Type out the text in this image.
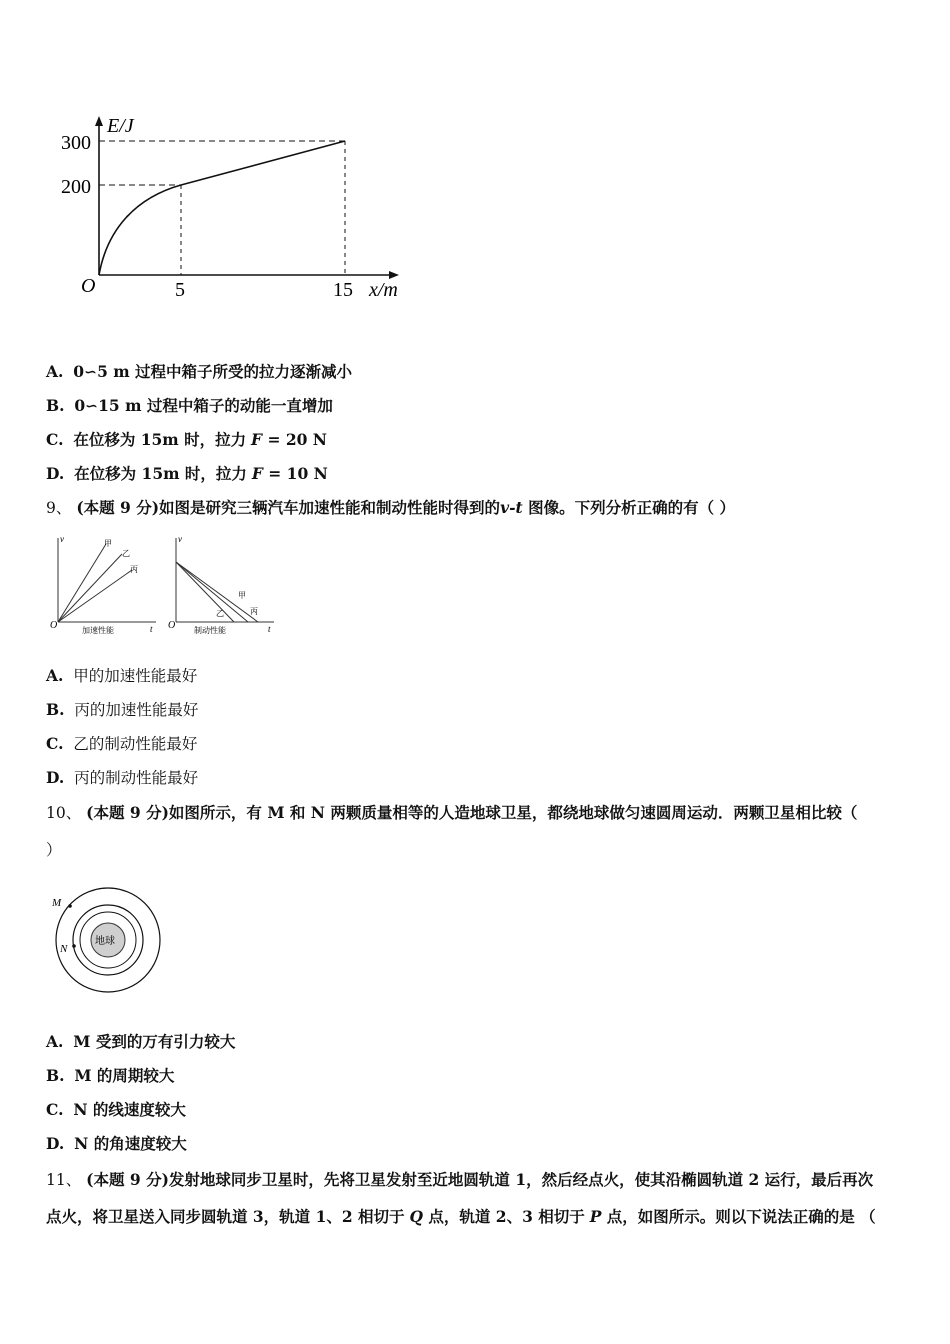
E/J
300
200
O	5	15 x/m
A. 0∽5 m 过程中箱子所受的拉力逐渐减小
B. 0∽15 m 过程中箱子的动能一直增加
C. 在位移为 15m 时，拉力 F = 20 N
D. 在位移为 15m 时，拉力 F = 10 N
9、 (本题 9 分)如图是研究三辆汽车加速性能和制动性能时得到的v-t 图像。下列分析正确的有（ ）
v
O	t
甲
乙
丙
加速性能
v
O	t
甲
乙	丙
制动性能
A. 甲的加速性能最好
B. 丙的加速性能最好
C. 乙的制动性能最好
D. 丙的制动性能最好
10、 (本题 9 分)如图所示，有 M 和 N 两颗质量相等的人造地球卫星，都绕地球做匀速圆周运动．两颗卫星相比较（
）
M
N
地球
A. M 受到的万有引力较大
B. M 的周期较大
C. N 的线速度较大
D. N 的角速度较大
11、 (本题 9 分)发射地球同步卫星时，先将卫星发射至近地圆轨道 1，然后经点火，使其沿椭圆轨道 2 运行，最后再次
点火，将卫星送入同步圆轨道 3，轨道 1、2 相切于 Q 点，轨道 2、3 相切于 P 点，如图所示。则以下说法正确的是 （
